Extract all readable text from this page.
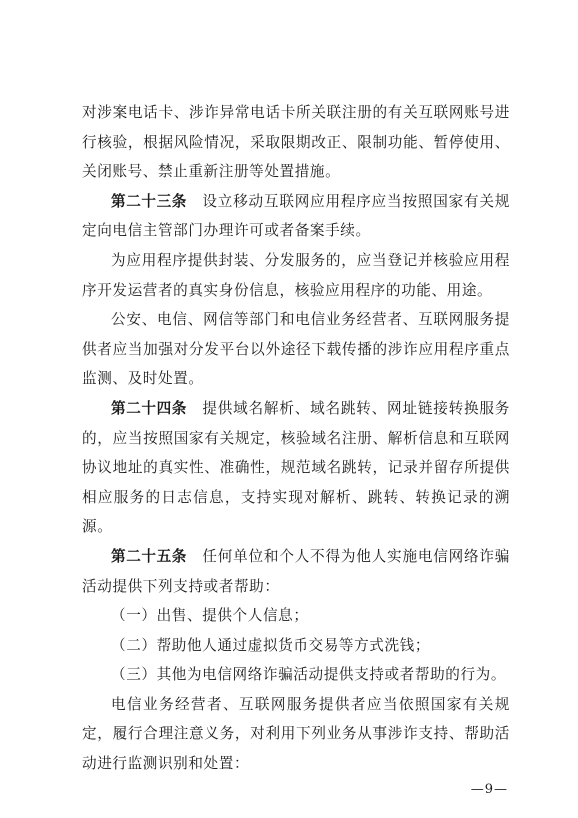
对涉案电话卡、涉诈异常电话卡所关联注册的有关互联网账号进行核验，根据风险情况，采取限期改正、限制功能、暂停使用、关闭账号、禁止重新注册等处置措施。

第二十三条  设立移动互联网应用程序应当按照国家有关规定向电信主管部门办理许可或者备案手续。

为应用程序提供封装、分发服务的，应当登记并核验应用程序开发运营者的真实身份信息，核验应用程序的功能、用途。

公安、电信、网信等部门和电信业务经营者、互联网服务提供者应当加强对分发平台以外途径下载传播的涉诈应用程序重点监测、及时处置。

第二十四条  提供域名解析、域名跳转、网址链接转换服务的，应当按照国家有关规定，核验域名注册、解析信息和互联网协议地址的真实性、准确性，规范域名跳转，记录并留存所提供相应服务的日志信息，支持实现对解析、跳转、转换记录的溯源。

第二十五条  任何单位和个人不得为他人实施电信网络诈骗活动提供下列支持或者帮助：

（一）出售、提供个人信息；

（二）帮助他人通过虚拟货币交易等方式洗钱；

（三）其他为电信网络诈骗活动提供支持或者帮助的行为。

电信业务经营者、互联网服务提供者应当依照国家有关规定，履行合理注意义务，对利用下列业务从事涉诈支持、帮助活动进行监测识别和处置：

—9—
